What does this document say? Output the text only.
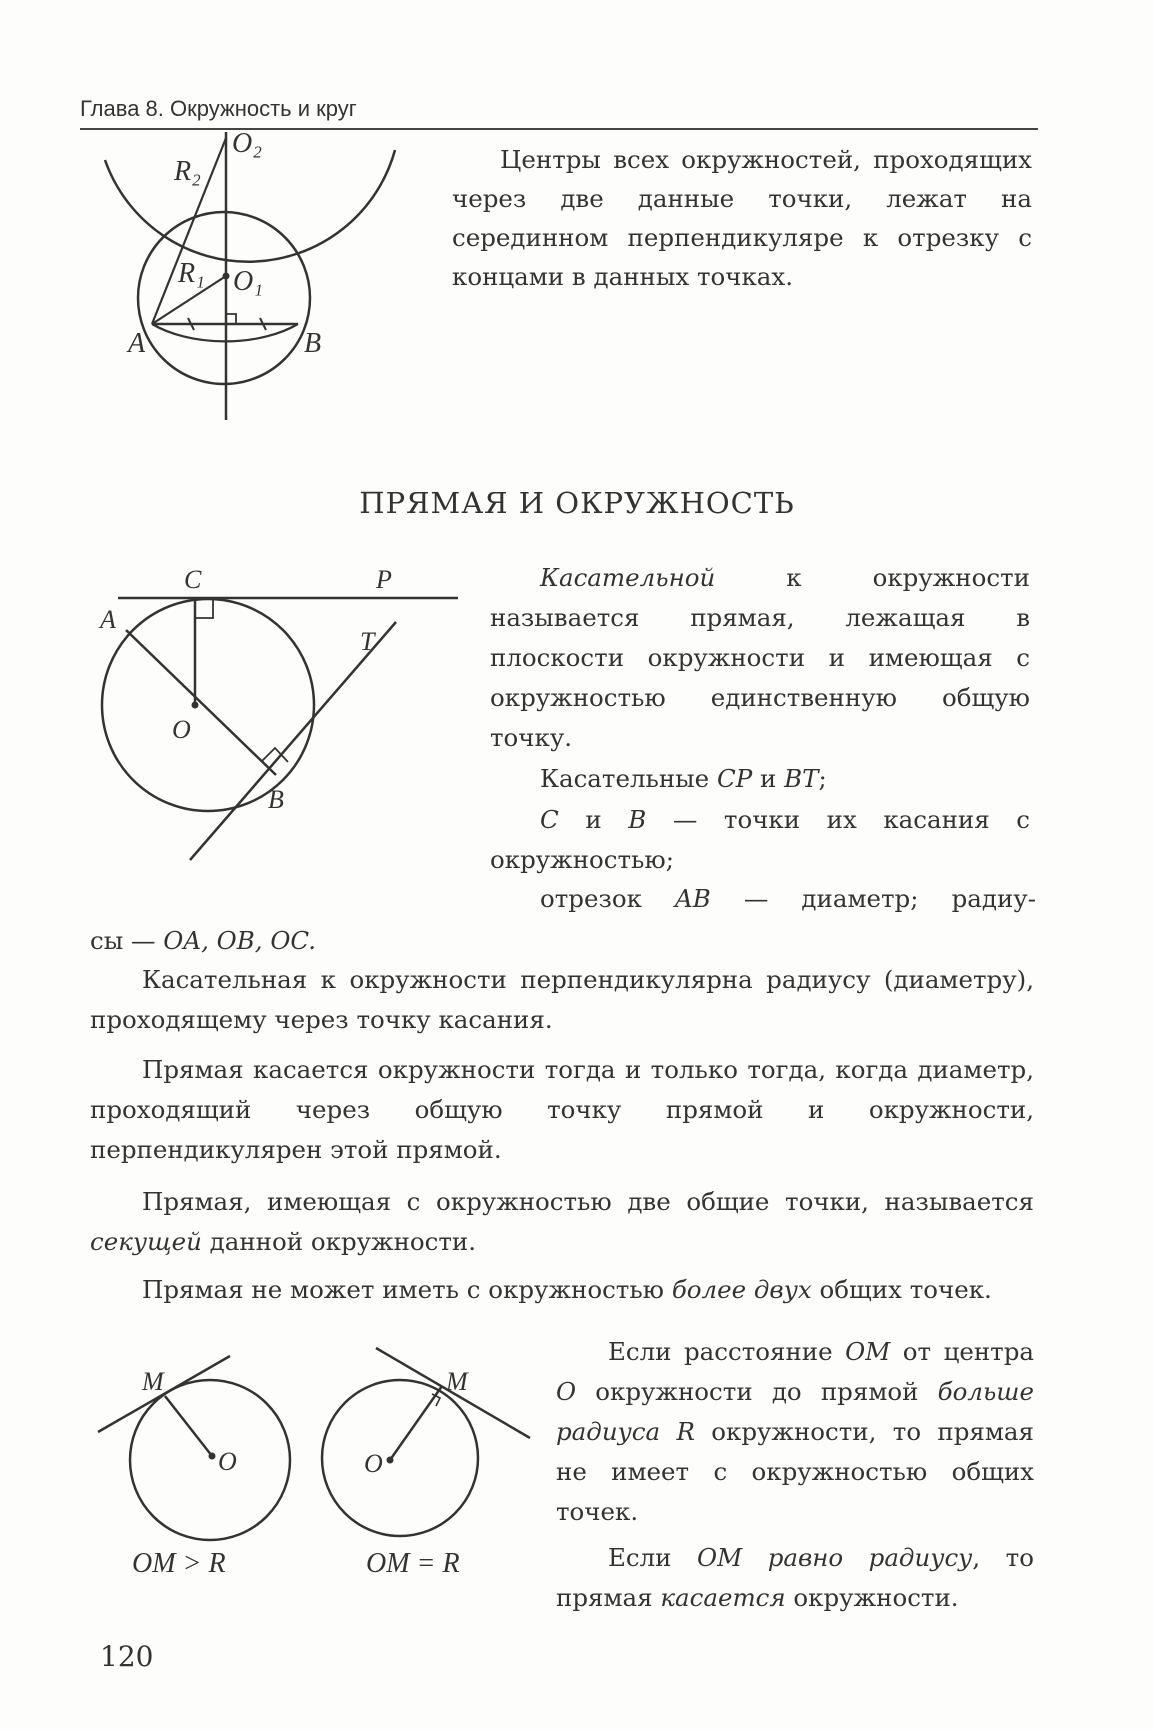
Глава 8. Окружность и круг
O₂
R₂
R₁ O₁
A	B
Центры всех окружностей, проходящих через две данные точки, лежат на серединном перпендикуляре к отрезку с концами в данных точках.
ПРЯМАЯ И ОКРУЖНОСТЬ
C	P
A
O
T
B
Касательной к окружности называется прямая, лежащая в плоскости окружности и имеющая с окружностью единственную общую точку.
Касательные CP и BT;
C и B — точки их касания с окружностью;
отрезок AB — диаметр; радиу-
сы — OA, OB, OC.
Касательная к окружности перпендикулярна радиусу (диаметру), проходящему через точку касания.
Прямая касается окружности тогда и только тогда, когда диаметр, проходящий через общую точку прямой и окружности, перпендикулярен этой прямой.
Прямая, имеющая с окружностью две общие точки, называется секущей данной окружности.
Прямая не может иметь с окружностью более двух общих точек.
M
O
M
O
OM > R	OM = R
Если расстояние OM от центра O окружности до прямой больше радиуса R окружности, то прямая не имеет с окружностью общих точек.
Если OM равно радиусу, то прямая касается окружности.
120
